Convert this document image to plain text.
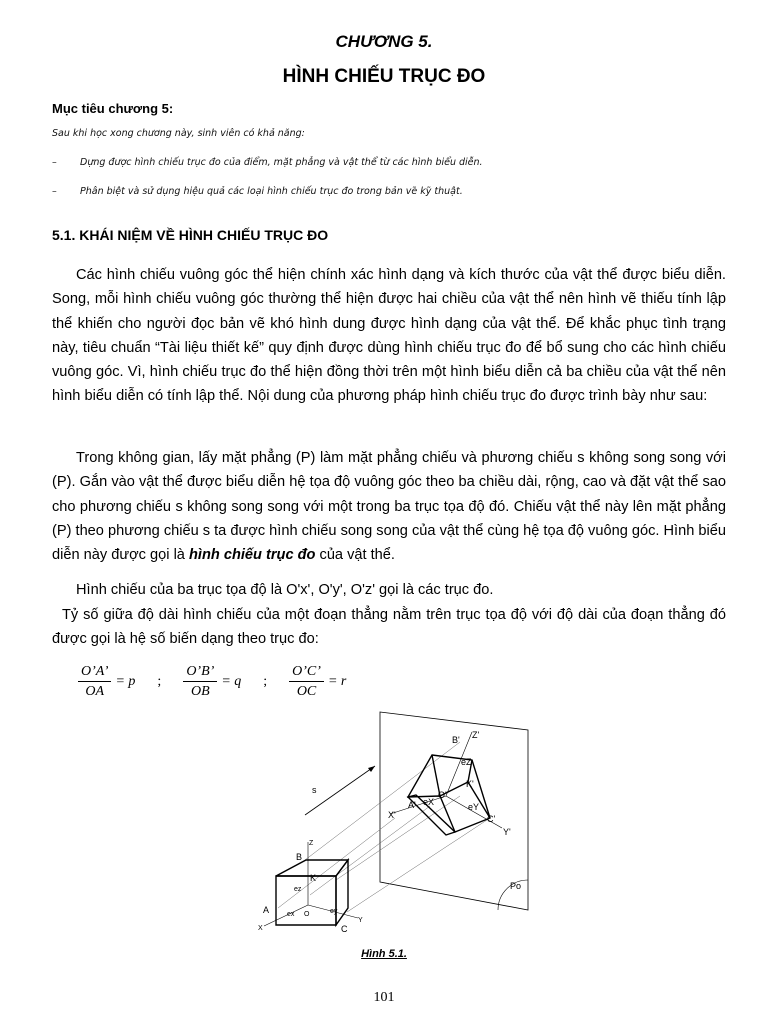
CHƯƠNG 5.
HÌNH CHIẾU TRỤC ĐO
Mục tiêu chương 5:
Sau khi học xong chương này, sinh viên có khả năng:
–	Dựng được hình chiếu trục đo của điểm, mặt phẳng và vật thể từ các hình biểu diễn.
–	Phân biệt và sử dụng hiệu quả các loại hình chiếu trục đo trong bản vẽ kỹ thuật.
5.1. KHÁI NIỆM VỀ HÌNH CHIẾU TRỤC ĐO

Các hình chiếu vuông góc thể hiện chính xác hình dạng và kích thước của vật thể được biểu diễn. Song, mỗi hình chiếu vuông góc thường thể hiện được hai chiều của vật thể nên hình vẽ thiếu tính lập thể khiến cho người đọc bản vẽ khó hình dung được hình dạng của vật thể. Để khắc phục tình trạng này, tiêu chuẩn “Tài liệu thiết kế” quy định được dùng hình chiếu trục đo để bổ sung cho các hình chiếu vuông góc. Vì, hình chiếu trục đo thể hiện đồng thời trên một hình biểu diễn cả ba chiều của vật thể nên hình biểu diễn có tính lập thể. Nội dung của phương pháp hình chiếu trục đo được trình bày như sau:

Trong không gian, lấy mặt phẳng (P) làm mặt phẳng chiếu và phương chiếu s không song song với (P). Gắn vào vật thể được biểu diễn hệ tọa độ vuông góc theo ba chiều dài, rộng, cao và đặt vật thể sao cho phương chiếu s không song song với một trong ba trục tọa độ đó. Chiếu vật thể này lên mặt phẳng (P) theo phương chiếu s ta được hình chiếu song song của vật thể cùng hệ tọa độ vuông góc. Hình biểu diễn này được gọi là hình chiếu trục đo của vật thể.

Hình chiếu của ba trục tọa độ là O'x', O'y', O'z' gọi là các trục đo.

Tỷ số giữa độ dài hình chiếu của một đoạn thẳng nằm trên trục tọa độ với độ dài của đoạn thẳng đó được gọi là hệ số biến dạng theo trục đo:

$\frac{O’A’}{OA} = p$ ; $\frac{O’B’}{OB} = q$ ; $\frac{O’C’}{OC} = r$
s
B' Z'
eZ
K'
A' eX
O'
X'
eY
C'
Y'
Po
Z
B
K
ez
A	ex O	ey
X	C
Y
Hình 5.1.
101
